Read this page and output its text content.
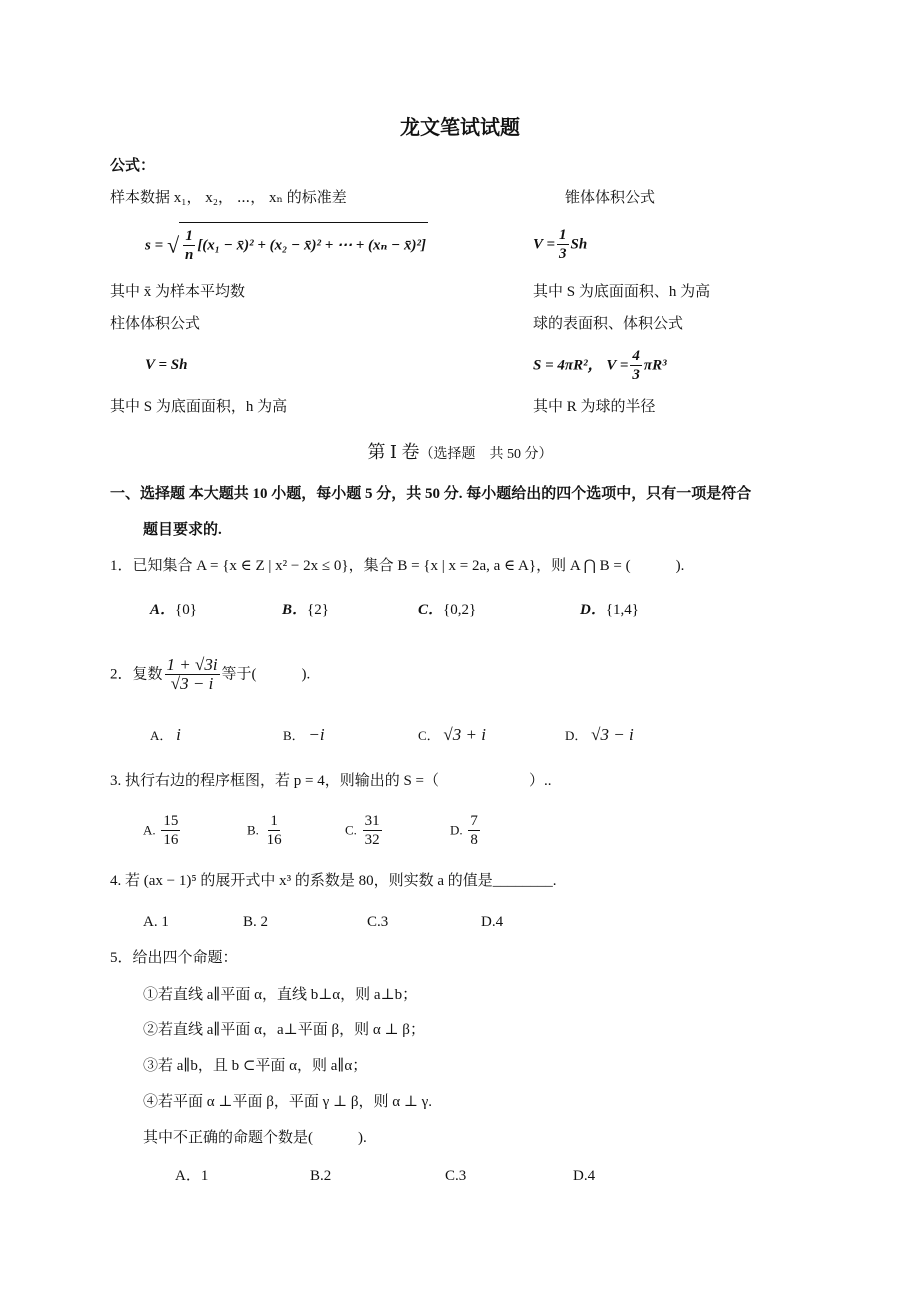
龙文笔试试题
公式：
样本数据 x₁， x₂， ⋯， xₙ 的标准差
s = √ $\frac{1}{n} [(x_1$ − x̄)² + (x₂ − x̄)² + ⋯ + (xₙ − x̄)²]
其中 x̄ 为样本平均数
锥体体积公式
$V = \frac{1}{3}$ Sh
其中 S 为底面面积、h 为高
柱体体积公式
V = Sh
其中 S 为底面面积，h 为高
球的表面积、体积公式
S = 4πR²， $V = \frac{4}{3} \pi R^3$
其中 R 为球的半径
第 Ⅰ 卷（选择题　共 50 分）
一、选择题 本大题共 10 小题，每小题 5 分，共 50 分. 每小题给出的四个选项中，只有一项是符合
题目要求的.
1．已知集合 A = {x ∈ Z | x² − 2x ≤ 0}，集合 B = {x | x = 2a, a ∈ A}，则 A ⋂ B = (　　　).
A．{0}	B．{2}	C．{0,2}	D．{1,4}
2．复数 $\frac{1 + √3i}{√3 - i}$ 等于(　　　).
A． i	B． −i	C． √3 + i	D． √3 − i
3. 执行右边的程序框图，若 p = 4，则输出的 S =（　　　　　　）..
A. $\frac{15}{16}$	B. $\frac{1}{16}$	C. $\frac{31}{32}$	D. $\frac{7}{8}$
4. 若 (ax − 1)⁵ 的展开式中 x³ 的系数是 80，则实数 a 的值是________.
A. 1	B. 2	C.3	D.4
5．给出四个命题：
①若直线 a∥平面 α，直线 b⊥α，则 a⊥b；
②若直线 a∥平面 α，a⊥平面 β，则 α ⊥ β；
③若 a∥b，且 b ⊂平面 α，则 a∥α；
④若平面 α ⊥平面 β，平面 γ ⊥ β，则 α ⊥ γ.
其中不正确的命题个数是(　　　).
A．1	B.2	C.3	D.4
